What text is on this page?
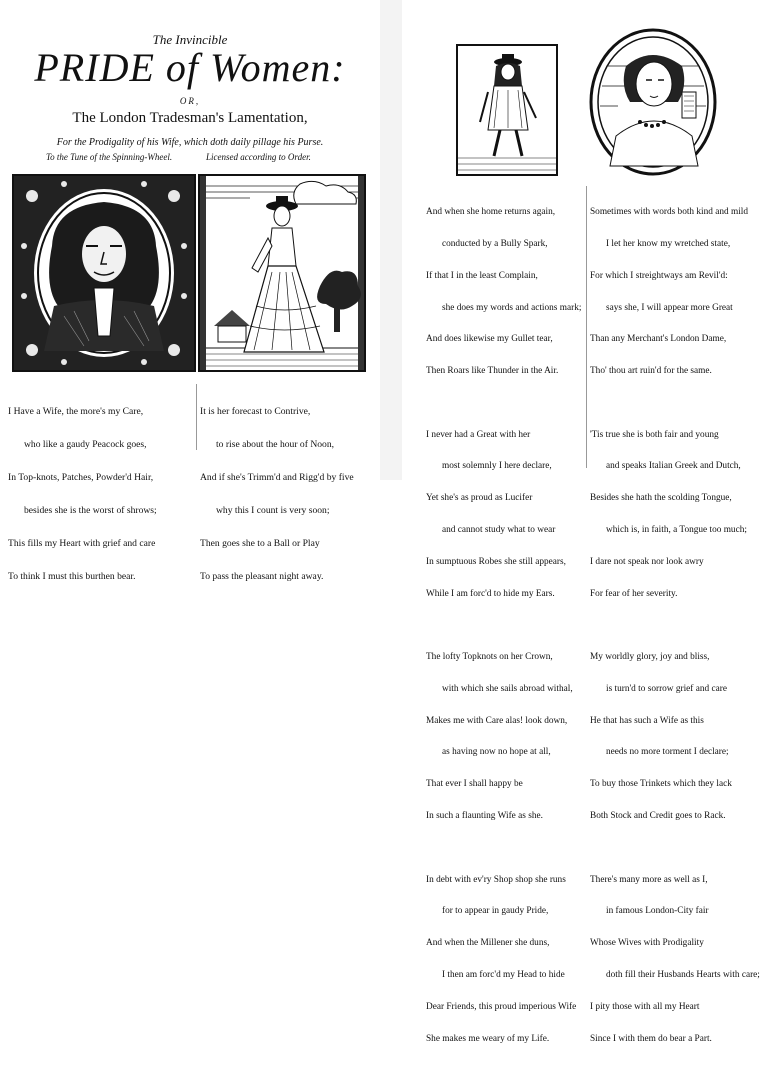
The Invincible
PRIDE of Women:
OR,
The London Tradesman's Lamentation,
For the Prodigality of his Wife, which doth daily pillage his Purse.
To the Tune of the Spinning-Wheel.	Licensed according to Order.

I Have a Wife, the more's my Care,

who like a gaudy Peacock goes,

In Top-knots, Patches, Powder'd Hair,

besides she is the worst of shrows;

This fills my Heart with grief and care

To think I must this burthen bear.

It is her forecast to Contrive,

to rise about the hour of Noon,

And if she's Trimm'd and Rigg'd by five

why this I count is very soon;

Then goes she to a Ball or Play

To pass the pleasant night away.

And when she home returns again,

conducted by a Bully Spark,

If that I in the least Complain,

she does my words and actions mark;

And does likewise my Gullet tear,

Then Roars like Thunder in the Air.

I never had a Great with her

most solemnly I here declare,

Yet she's as proud as Lucifer

and cannot study what to wear

In sumptuous Robes she still appears,

While I am forc'd to hide my Ears.

The lofty Topknots on her Crown,

with which she sails abroad withal,

Makes me with Care alas! look down,

as having now no hope at all,

That ever I shall happy be

In such a flaunting Wife as she.

In debt with ev'ry Shop shop she runs

for to appear in gaudy Pride,

And when the Millener she duns,

I then am forc'd my Head to hide

Dear Friends, this proud imperious Wife

She makes me weary of my Life.

Sometimes with words both kind and mild

I let her know my wretched state,

For which I streightways am Revil'd:

says she, I will appear more Great

Than any Merchant's London Dame,

Tho' thou art ruin'd for the same.

'Tis true she is both fair and young

and speaks Italian Greek and Dutch,

Besides she hath the scolding Tongue,

which is, in faith, a Tongue too much;

I dare not speak nor look awry

For fear of her severity.

My worldly glory, joy and bliss,

is turn'd to sorrow grief and care

He that has such a Wife as this

needs no more torment I declare;

To buy those Trinkets which they lack

Both Stock and Credit goes to Rack.

There's many more as well as I,

in famous London-City fair

Whose Wives with Prodigality

doth fill their Husbands Hearts with care;

I pity those with all my Heart

Since I with them do bear a Part.
